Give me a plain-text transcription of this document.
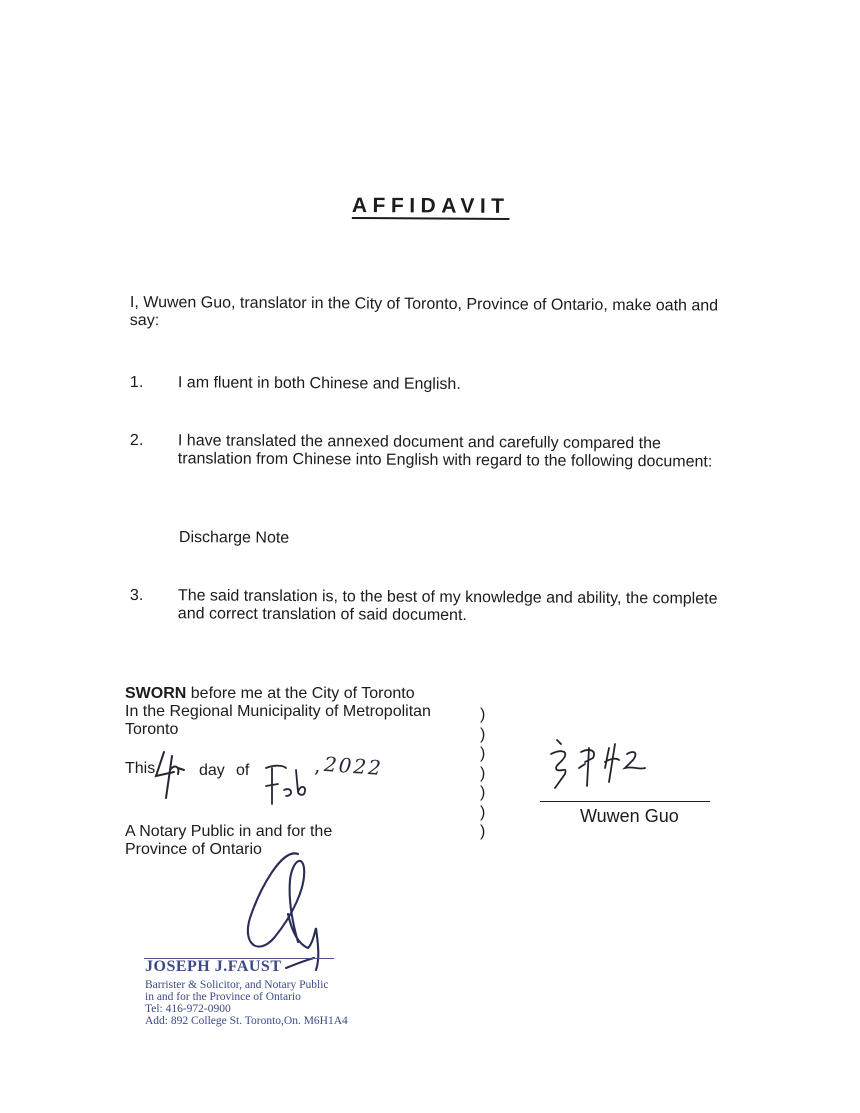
AFFIDAVIT
I, Wuwen Guo, translator in the City of Toronto, Province of Ontario, make oath and say:
1. I am fluent in both Chinese and English.
2. I have translated the annexed document and carefully compared the translation from Chinese into English with regard to the following document:
Discharge Note
3. The said translation is, to the best of my knowledge and ability, the complete and correct translation of said document.
SWORN before me at the City of Toronto
In the Regional Municipality of Metropolitan
Toronto
This	day of	, 2022
A Notary Public in and for the
Province of Ontario
)
)
)
)
)
)
)
Wuwen Guo
JOSEPH J.FAUST
Barrister & Solicitor, and Notary Public
in and for the Province of Ontario
Tel: 416-972-0900
Add: 892 College St. Toronto,On. M6H1A4
